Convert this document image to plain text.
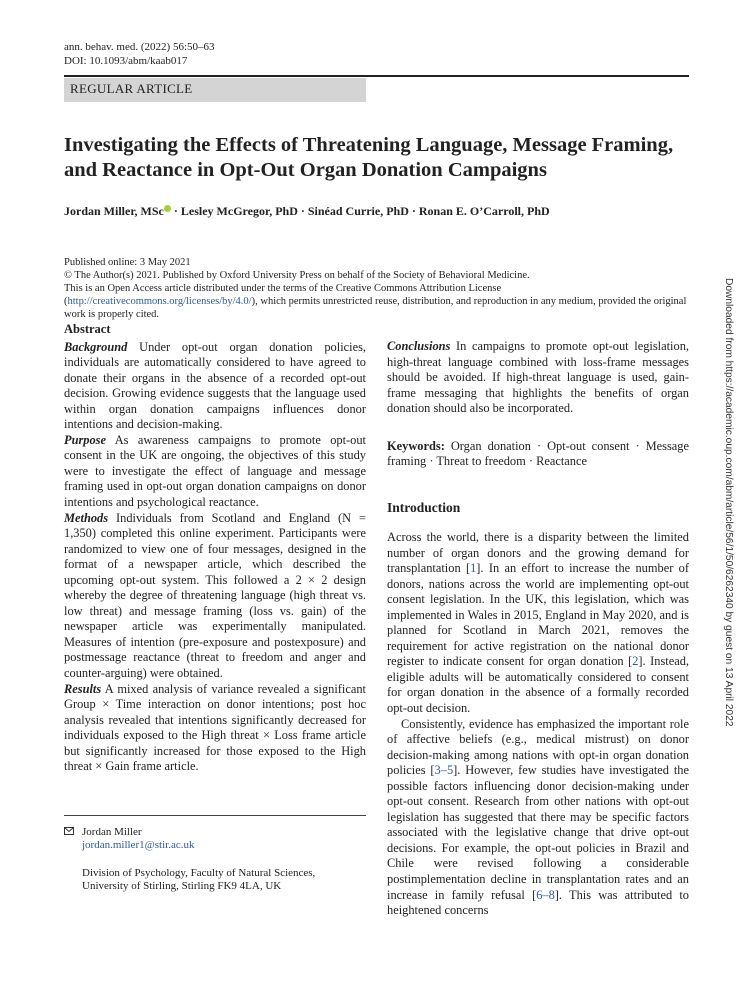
ann. behav. med. (2022) 56:50–63
DOI: 10.1093/abm/kaab017
REGULAR ARTICLE
Investigating the Effects of Threatening Language, Message Framing, and Reactance in Opt-Out Organ Donation Campaigns
Jordan Miller, MSc · Lesley McGregor, PhD · Sinéad Currie, PhD · Ronan E. O’Carroll, PhD
Published online: 3 May 2021
© The Author(s) 2021. Published by Oxford University Press on behalf of the Society of Behavioral Medicine.
This is an Open Access article distributed under the terms of the Creative Commons Attribution License (http://creativecommons.org/licenses/by/4.0/), which permits unrestricted reuse, distribution, and reproduction in any medium, provided the original work is properly cited.
Abstract

Background Under opt-out organ donation policies, individuals are automatically considered to have agreed to donate their organs in the absence of a recorded opt-out decision. Growing evidence suggests that the language used within organ donation campaigns influences donor intentions and decision-making.

Purpose As awareness campaigns to promote opt-out consent in the UK are ongoing, the objectives of this study were to investigate the effect of language and message framing used in opt-out organ donation campaigns on donor intentions and psychological reactance.

Methods Individuals from Scotland and England (N = 1,350) completed this online experiment. Participants were randomized to view one of four messages, designed in the format of a newspaper article, which described the upcoming opt-out system. This followed a 2 × 2 design whereby the degree of threatening language (high threat vs. low threat) and message framing (loss vs. gain) of the newspaper article was experimentally manipulated. Measures of intention (pre-exposure and postexposure) and postmessage reactance (threat to freedom and anger and counter-arguing) were obtained.

Results A mixed analysis of variance revealed a significant Group × Time interaction on donor intentions; post hoc analysis revealed that intentions significantly decreased for individuals exposed to the High threat × Loss frame article but significantly increased for those exposed to the High threat × Gain frame article.

Conclusions In campaigns to promote opt-out legislation, high-threat language combined with loss-frame messages should be avoided. If high-threat language is used, gain-frame messaging that highlights the benefits of organ donation should also be incorporated.

Keywords: Organ donation · Opt-out consent · Message framing · Threat to freedom · Reactance

Introduction

Across the world, there is a disparity between the limited number of organ donors and the growing demand for transplantation [1]. In an effort to increase the number of donors, nations across the world are implementing opt-out consent legislation. In the UK, this legislation, which was implemented in Wales in 2015, England in May 2020, and is planned for Scotland in March 2021, removes the requirement for active registration on the national donor register to indicate consent for organ donation [2]. Instead, eligible adults will be automatically considered to consent for organ donation in the absence of a formally recorded opt-out decision.

Consistently, evidence has emphasized the important role of affective beliefs (e.g., medical mistrust) on donor decision-making among nations with opt-in organ donation policies [3–5]. However, few studies have investigated the possible factors influencing donor decision-making under opt-out consent. Research from other nations with opt-out legislation has suggested that there may be specific factors associated with the legislative change that drive opt-out decisions. For example, the opt-out policies in Brazil and Chile were revised following a considerable postimplementation decline in transplantation rates and an increase in family refusal [6–8]. This was attributed to heightened concerns

Jordan Miller
jordan.miller1@stir.ac.uk
Division of Psychology, Faculty of Natural Sciences,
University of Stirling, Stirling FK9 4LA, UK
Downloaded from https://academic.oup.com/abm/article/56/1/50/6262340 by guest on 13 April 2022
